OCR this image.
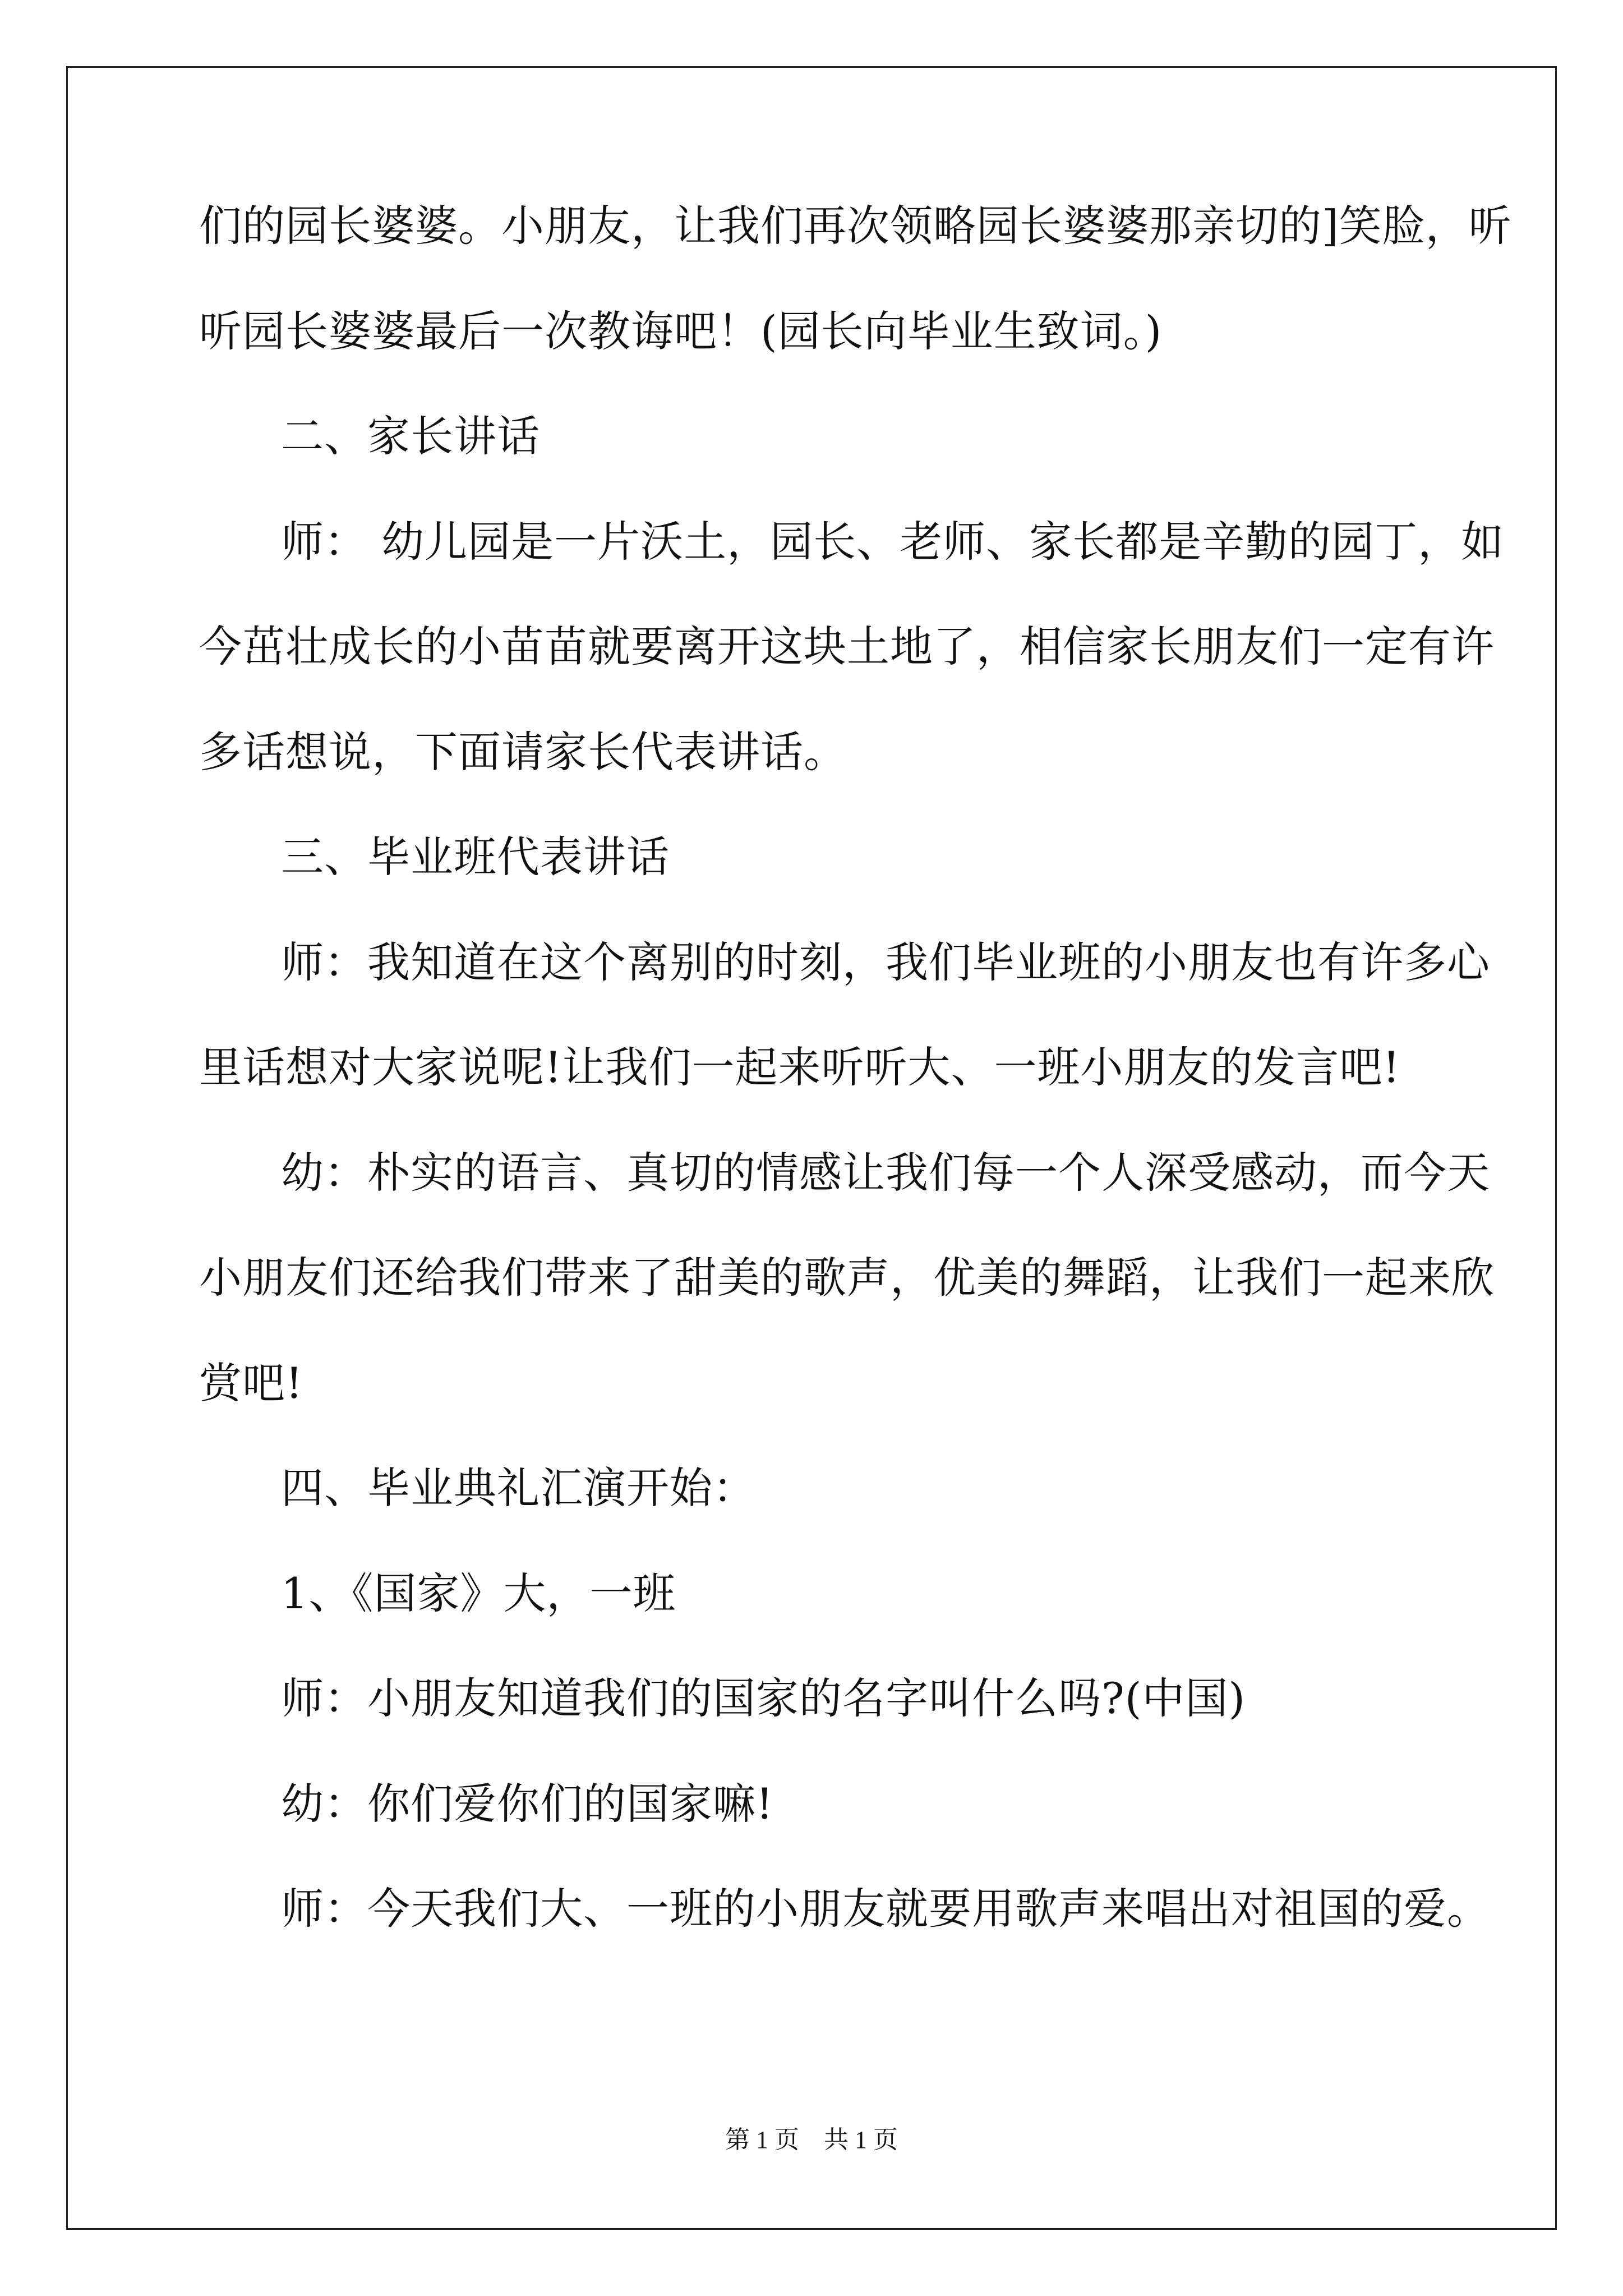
们的园长婆婆。小朋友，让我们再次领略园长婆婆那亲切的]笑脸，听

听园长婆婆最后一次教诲吧！(园长向毕业生致词。)

二、家长讲话

师： 幼儿园是一片沃土，园长、老师、家长都是辛勤的园丁，如

今茁壮成长的小苗苗就要离开这块土地了，相信家长朋友们一定有许

多话想说，下面请家长代表讲话。

三、毕业班代表讲话

师：我知道在这个离别的时刻，我们毕业班的小朋友也有许多心

里话想对大家说呢!让我们一起来听听大、一班小朋友的发言吧!

幼：朴实的语言、真切的情感让我们每一个人深受感动，而今天

小朋友们还给我们带来了甜美的歌声，优美的舞蹈，让我们一起来欣

赏吧!

四、毕业典礼汇演开始：

1、《国家》大，一班

师：小朋友知道我们的国家的名字叫什么吗?(中国)

幼：你们爱你们的国家嘛!

师：今天我们大、一班的小朋友就要用歌声来唱出对祖国的爱。

第 1 页    共 1 页
